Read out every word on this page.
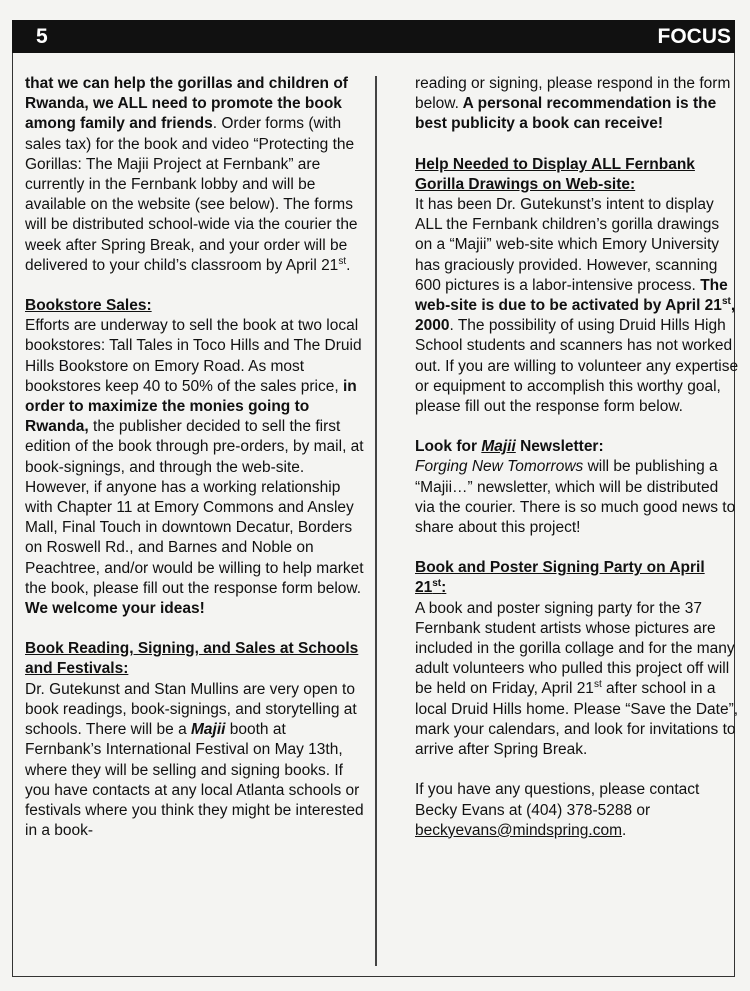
5	FOCUS

that we can help the gorillas and children of Rwanda, we ALL need to promote the book among family and friends. Order forms (with sales tax) for the book and video “Protecting the Gorillas: The Majii Project at Fernbank” are currently in the Fernbank lobby and will be available on the website (see below). The forms will be distributed school-wide via the courier the week after Spring Break, and your order will be delivered to your child’s classroom by April 21st.

Bookstore Sales:

Efforts are underway to sell the book at two local bookstores: Tall Tales in Toco Hills and The Druid Hills Bookstore on Emory Road. As most bookstores keep 40 to 50% of the sales price, in order to maximize the monies going to Rwanda, the publisher decided to sell the first edition of the book through pre-orders, by mail, at book-signings, and through the web-site. However, if anyone has a working relationship with Chapter 11 at Emory Commons and Ansley Mall, Final Touch in downtown Decatur, Borders on Roswell Rd., and Barnes and Noble on Peachtree, and/or would be willing to help market the book, please fill out the response form below.
We welcome your ideas!

Book Reading, Signing, and Sales at Schools and Festivals:

Dr. Gutekunst and Stan Mullins are very open to book readings, book-signings, and storytelling at schools. There will be a Majii booth at Fernbank’s International Festival on May 13th, where they will be selling and signing books. If you have contacts at any local Atlanta schools or festivals where you think they might be interested in a book-

reading or signing, please respond in the form below. A personal recommendation is the best publicity a book can receive!

Help Needed to Display ALL Fernbank Gorilla Drawings on Web-site:

It has been Dr. Gutekunst’s intent to display ALL the Fernbank children’s gorilla drawings on a “Majii” web-site which Emory University has graciously provided. However, scanning 600 pictures is a labor-intensive process. The web-site is due to be activated by April 21st, 2000. The possibility of using Druid Hills High School students and scanners has not worked out. If you are willing to volunteer any expertise or equipment to accomplish this worthy goal, please fill out the response form below.

Look for Majii Newsletter:

Forging New Tomorrows will be publishing a “Majii…” newsletter, which will be distributed via the courier. There is so much good news to share about this project!

Book and Poster Signing Party on April 21st:

A book and poster signing party for the 37 Fernbank student artists whose pictures are included in the gorilla collage and for the many adult volunteers who pulled this project off will be held on Friday, April 21st after school in a local Druid Hills home. Please “Save the Date”, mark your calendars, and look for invitations to arrive after Spring Break.

If you have any questions, please contact Becky Evans at (404) 378-5288 or beckyevans@mindspring.com.
